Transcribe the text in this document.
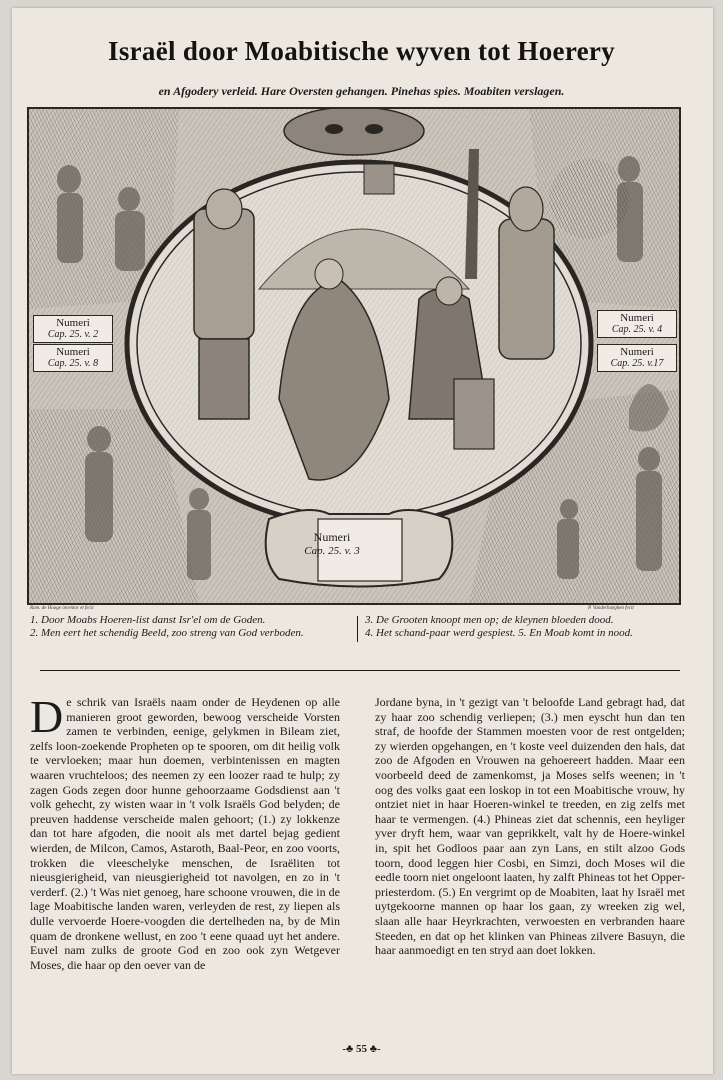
Israël door Moabitische wyven tot Hoerery
en Afgodery verleid. Hare Oversten gehangen. Pinehas spies. Moabiten verslagen.
Numeri
Cap. 25. v. 2
Numeri
Cap. 25. v. 8
Numeri
Cap. 25. v. 4
Numeri
Cap. 25. v.17
Numeri
Cap. 25. v. 3
Rom. de Hooge inventor et fecit	P. Vanderhaeghen fecit
1. Door Moabs Hoeren-list danst Isr'el om de Goden.
2. Men eert het schendig Beeld, zoo streng van God verboden.
3. De Grooten knoopt men op; de kleynen bloeden dood.
4. Het schand-paar werd gespiest. 5. En Moab komt in nood.
D e schrik van Israëls naam onder de Heydenen op alle manieren groot geworden, bewoog verscheide Vorsten zamen te verbinden, eenige, gelykmen in Bileam ziet, zelfs loon-zoekende Propheten op te spooren, om dit heilig volk te vervloeken; maar hun doemen, verbintenissen en magten waaren vruchteloos; des neemen zy een loozer raad te hulp; zy zagen Gods zegen door hunne gehoorzaame Godsdienst aan 't volk gehecht, zy wisten waar in 't volk Israëls God belyden; de preuven haddense verscheide malen gehoort; (1.) zy lokkenze dan tot hare afgoden, die nooit als met dartel bejag gedient wierden, de Milcon, Camos, Astaroth, Baal-Peor, en zoo voorts, trokken die vleeschelyke menschen, de Israëliten tot nieusgierigheid, van nieusgierigheid tot navolgen, en zo in 't verderf. (2.) 't Was niet genoeg, hare schoone vrouwen, die in de lage Moabitische landen waren, verleyden de rest, zy liepen als dulle vervoerde Hoere-voogden die dertelheden na, by de Min quam de dronkene wellust, en zoo 't eene quaad uyt het andere. Euvel nam zulks de groote God en zoo ook zyn Wetgever Moses, die haar op den oever van de
Jordane byna, in 't gezigt van 't beloofde Land gebragt had, dat zy haar zoo schendig verliepen; (3.) men eyscht hun dan ten straf, de hoofde der Stammen moesten voor de rest ontgelden; zy wierden opgehangen, en 't koste veel duizenden den hals, dat zoo de Afgoden en Vrouwen na gehoereert hadden. Maar een voorbeeld deed de zamenkomst, ja Moses selfs weenen; in 't oog des volks gaat een loskop in tot een Moabitische vrouw, hy ontziet niet in haar Hoeren-winkel te treeden, en zig zelfs met haar te vermengen. (4.) Phineas ziet dat schennis, een heyliger yver dryft hem, waar van geprikkelt, valt hy de Hoere-winkel in, spit het Godloos paar aan zyn Lans, en stilt alzoo Gods toorn, dood leggen hier Cosbi, en Simzi, doch Moses wil die eedle toorn niet ongeloont laaten, hy zalft Phineas tot het Opper-priesterdom. (5.) En vergrimt op de Moabiten, laat hy Israël met uytgekoorne mannen op haar los gaan, zy wreeken zig wel, slaan alle haar Heyrkrachten, verwoesten en verbranden haare Steeden, en dat op het klinken van Phineas zilvere Basuyn, die haar aanmoedigt en ten stryd aan doet lokken.
-♣ 55 ♣-
